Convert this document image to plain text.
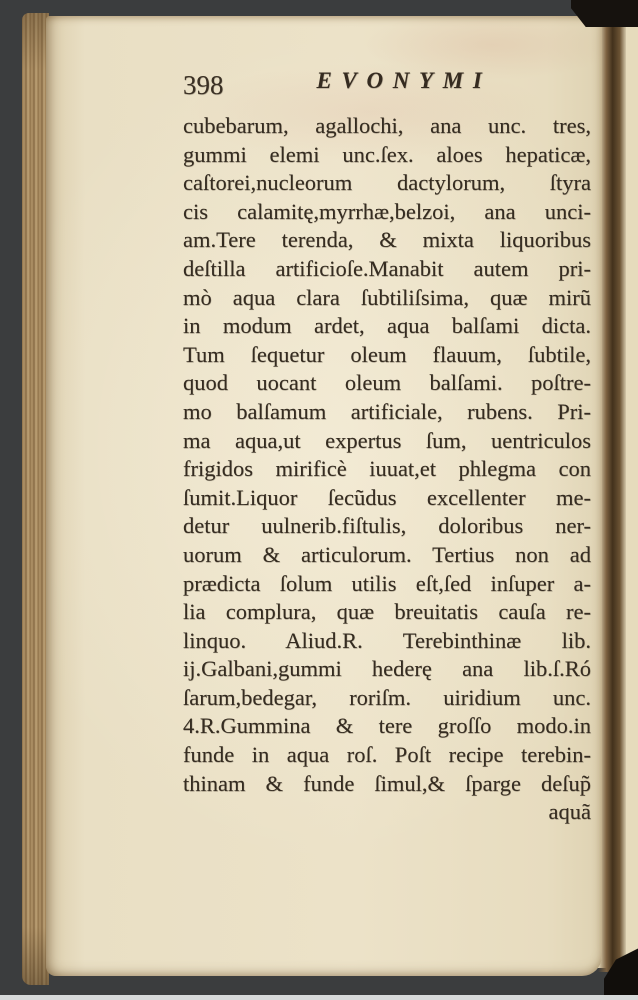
398	EVONYMI
cubebarum, agallochi, ana unc. tres,
gummi elemi unc.ſex. aloes hepaticæ,
caſtorei,nucleorum dactylorum, ſtyra
cis calamitę,myrrhæ,belzoi, ana unci-
am.Tere terenda, & mixta liquoribus
deſtilla artificioſe.Manabit autem pri-
mò aqua clara ſubtiliſsima, quæ mirũ
in modum ardet, aqua balſami dicta.
Tum ſequetur oleum flauum, ſubtile,
quod uocant oleum balſami. poſtre-
mo balſamum artificiale, rubens. Pri-
ma aqua,ut expertus ſum, uentriculos
frigidos mirificè iuuat,et phlegma con
ſumit.Liquor ſecũdus excellenter me-
detur uulnerib.fiſtulis, doloribus ner-
uorum & articulorum. Tertius non ad
prædicta ſolum utilis eſt,ſed inſuper a-
lia complura, quæ breuitatis cauſa re-
linquo. Aliud.R. Terebinthinæ lib.
ij.Galbani,gummi hederę ana lib.ſ.Ró
ſarum,bedegar, roriſm. uiridium unc.
4.R.Gummina & tere groſſo modo.in
funde in aqua roſ. Poſt recipe terebin-
thinam & funde ſimul,& ſparge deſup̃
aquã
